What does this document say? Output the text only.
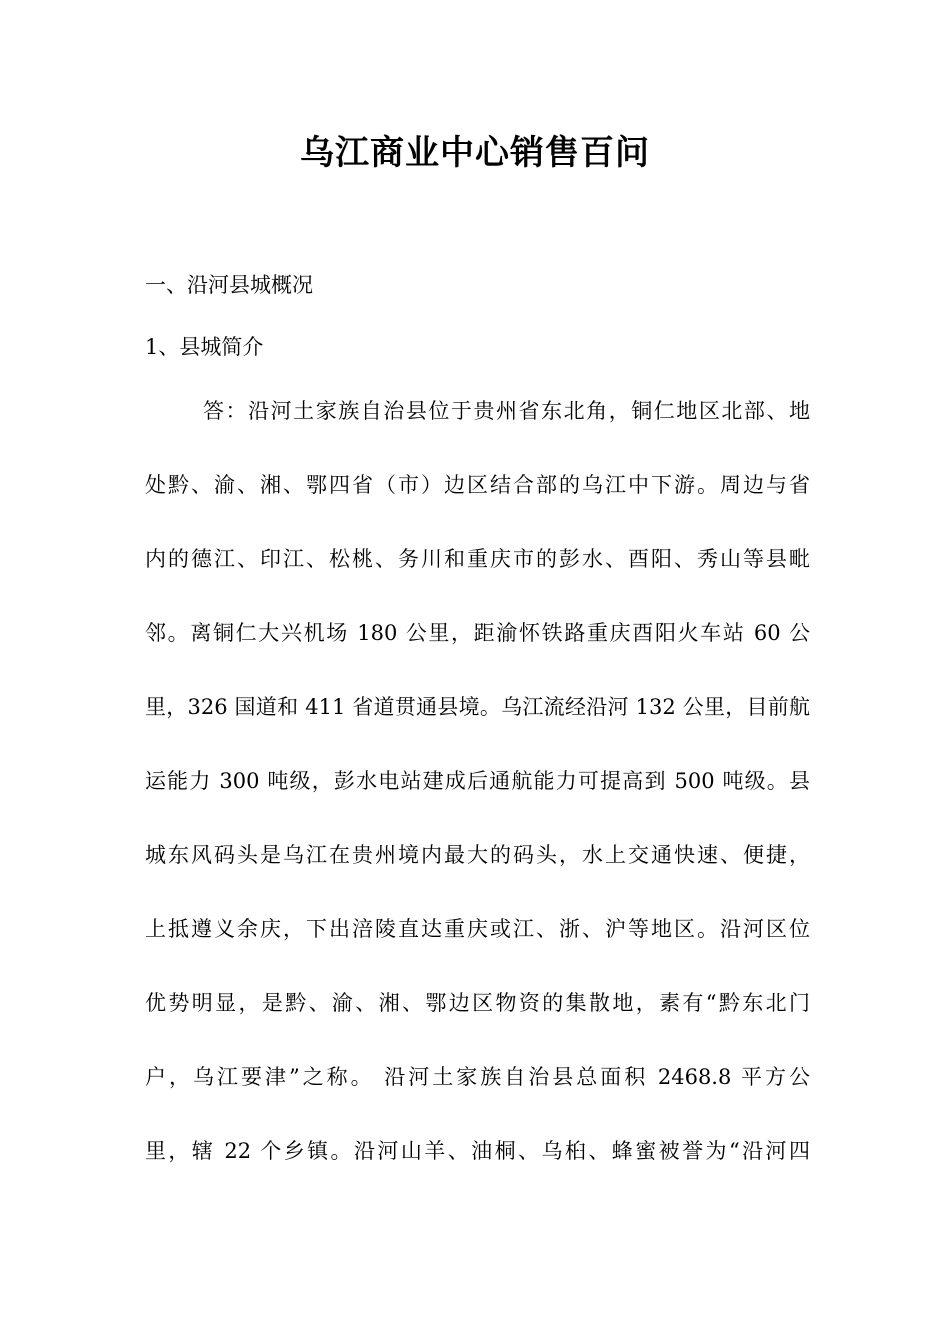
乌江商业中心销售百问

一、沿河县城概况

1、县城简介

答：沿河土家族自治县位于贵州省东北角，铜仁地区北部、地
处黔、渝、湘、鄂四省（市）边区结合部的乌江中下游。周边与省
内的德江、印江、松桃、务川和重庆市的彭水、酉阳、秀山等县毗
邻。离铜仁大兴机场 180 公里，距渝怀铁路重庆酉阳火车站 60 公
里，326 国道和 411 省道贯通县境。乌江流经沿河 132 公里，目前航
运能力 300 吨级，彭水电站建成后通航能力可提高到 500 吨级。县
城东风码头是乌江在贵州境内最大的码头，水上交通快速、便捷，
上抵遵义余庆，下出涪陵直达重庆或江、浙、沪等地区。沿河区位
优势明显，是黔、渝、湘、鄂边区物资的集散地，素有“黔东北门
户，乌江要津”之称。 沿河土家族自治县总面积 2468.8 平方公
里，辖 22 个乡镇。沿河山羊、油桐、乌桕、蜂蜜被誉为“沿河四
